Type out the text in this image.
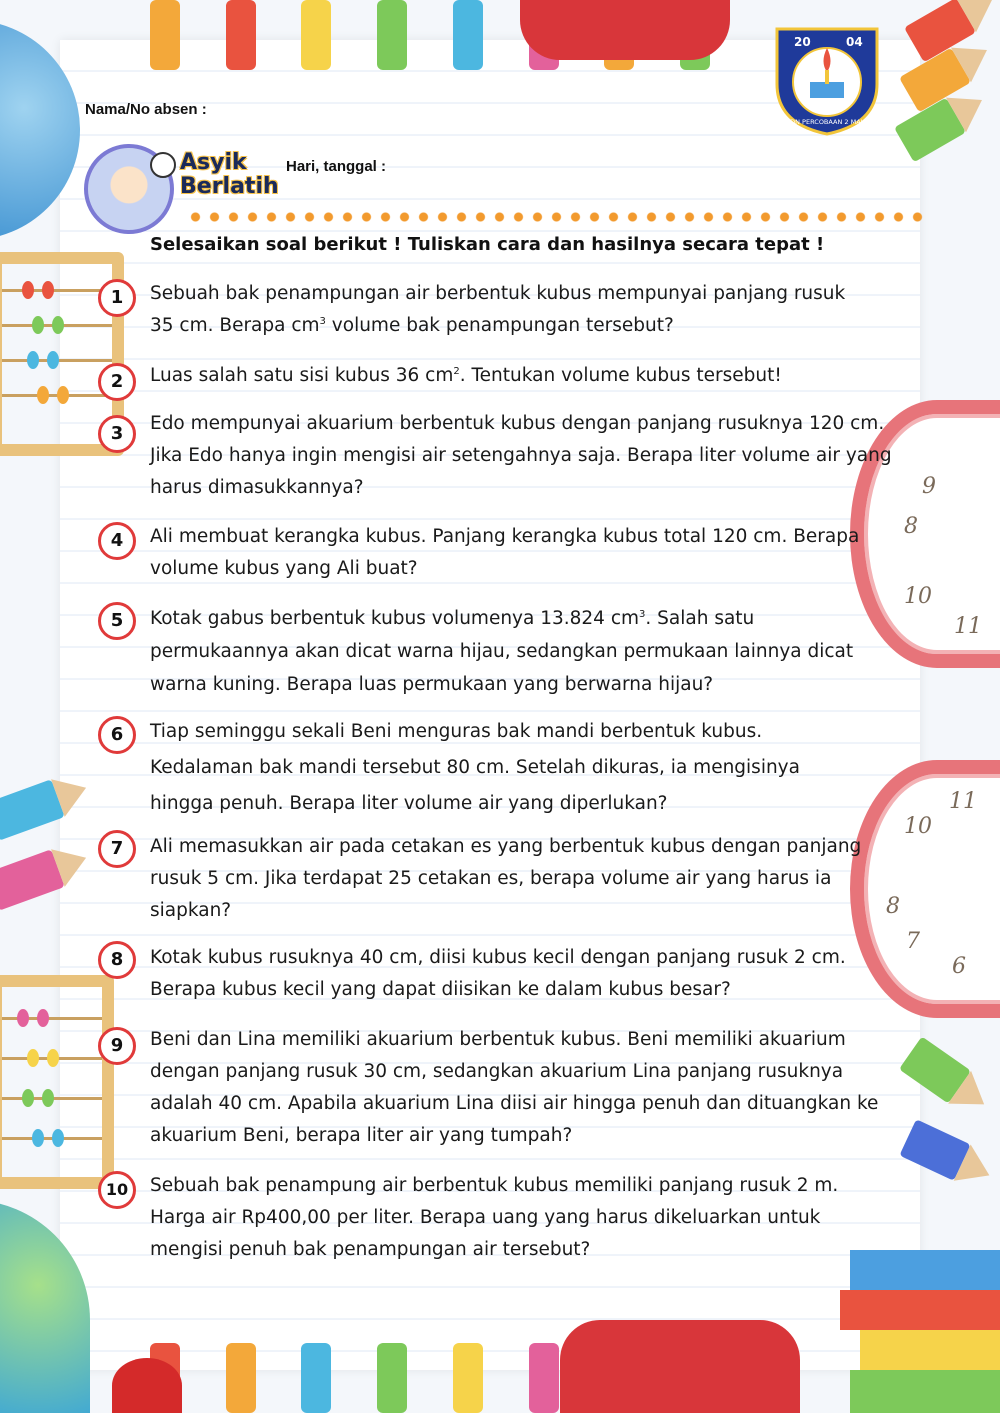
8
9
10
11
10
11
8
7
6
Nama/No absen :
Asyik
Berlatih
Hari, tanggal :
20	04
SDN PERCOBAAN 2 MALANG
Selesaikan soal berikut ! Tuliskan cara dan hasilnya secara tepat !
1	Sebuah bak penampungan air berbentuk kubus mempunyai panjang rusuk
35 cm. Berapa $cm^3$ volume bak penampungan tersebut?
2	Luas salah satu sisi kubus 36 $cm^2$. Tentukan volume kubus tersebut!
3	Edo mempunyai akuarium berbentuk kubus dengan panjang rusuknya 120 cm.
Jika Edo hanya ingin mengisi air setengahnya saja. Berapa liter volume air yang
harus dimasukkannya?
4	Ali membuat kerangka kubus. Panjang kerangka kubus total 120 cm. Berapa
volume kubus yang Ali buat?
5	Kotak gabus berbentuk kubus volumenya 13.824 $cm^3$. Salah satu
permukaannya akan dicat warna hijau, sedangkan permukaan lainnya dicat
warna kuning. Berapa luas permukaan yang berwarna hijau?
6	Tiap seminggu sekali Beni menguras bak mandi berbentuk kubus.
Kedalaman bak mandi tersebut 80 cm. Setelah dikuras, ia mengisinya
hingga penuh. Berapa liter volume air yang diperlukan?
7	Ali memasukkan air pada cetakan es yang berbentuk kubus dengan panjang
rusuk 5 cm. Jika terdapat 25 cetakan es, berapa volume air yang harus ia
siapkan?
8	Kotak kubus rusuknya 40 cm, diisi kubus kecil dengan panjang rusuk 2 cm.
Berapa kubus kecil yang dapat diisikan ke dalam kubus besar?
9	Beni dan Lina memiliki akuarium berbentuk kubus. Beni memiliki akuarium
dengan panjang rusuk 30 cm, sedangkan akuarium Lina panjang rusuknya
adalah 40 cm. Apabila akuarium Lina diisi air hingga penuh dan dituangkan ke
akuarium Beni, berapa liter air yang tumpah?
10	Sebuah bak penampung air berbentuk kubus memiliki panjang rusuk 2 m.
Harga air Rp400,00 per liter. Berapa uang yang harus dikeluarkan untuk
mengisi penuh bak penampungan air tersebut?
